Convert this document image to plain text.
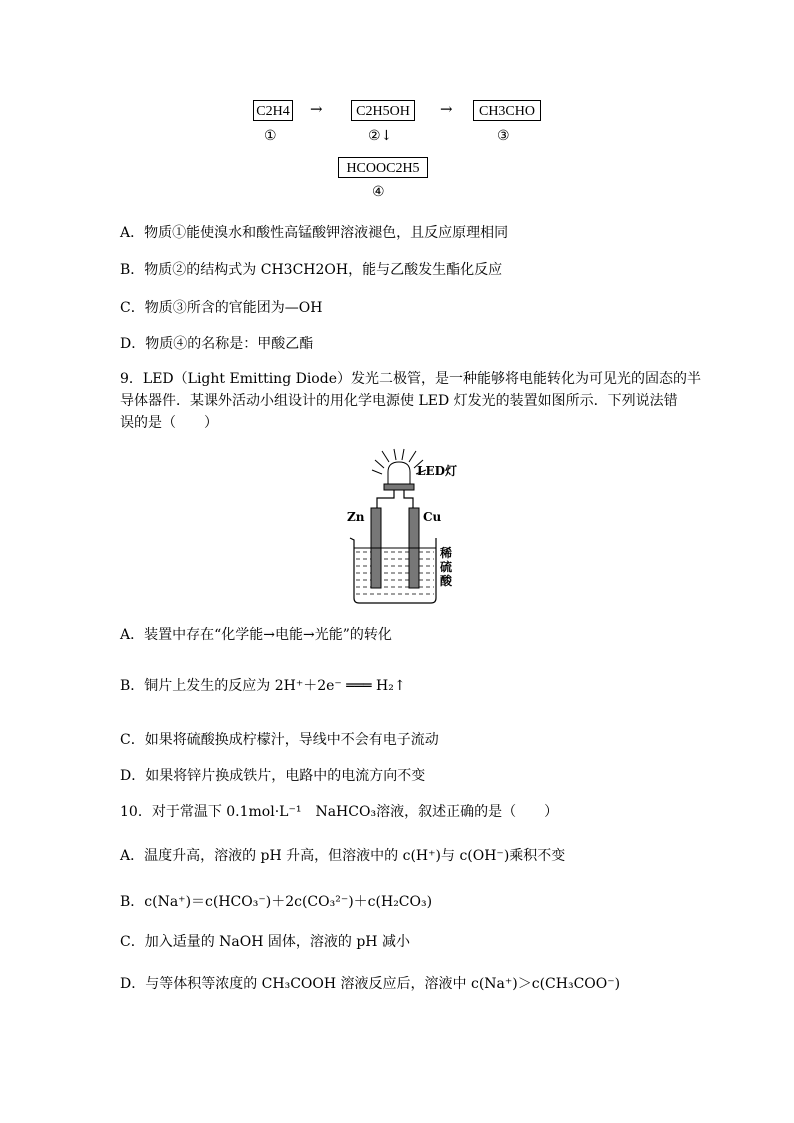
C2H4
①
→	C2H5OH
②↓
→	CH3CHO
③
HCOOC2H5
④
A．物质①能使溴水和酸性高锰酸钾溶液褪色，且反应原理相同
B．物质②的结构式为 CH3CH2OH，能与乙酸发生酯化反应
C．物质③所含的官能团为—OH
D．物质④的名称是：甲酸乙酯
9．LED（Light Emitting Diode）发光二极管，是一种能够将电能转化为可见光的固态的半
导体器件．某课外活动小组设计的用化学电源使 LED 灯发光的装置如图所示．下列说法错
误的是（　　）
LED灯
Zn	Cu
稀硫酸
A．装置中存在“化学能→电能→光能”的转化
B．铜片上发生的反应为 2H⁺＋2e⁻ ═══ H₂↑
C．如果将硫酸换成柠檬汁，导线中不会有电子流动
D．如果将锌片换成铁片，电路中的电流方向不变
10．对于常温下 0.1mol·L⁻¹　NaHCO₃溶液，叙述正确的是（　　）
A．温度升高，溶液的 pH 升高，但溶液中的 c(H⁺)与 c(OH⁻)乘积不变
B．c(Na⁺)＝c(HCO₃⁻)＋2c(CO₃²⁻)＋c(H₂CO₃)
C．加入适量的 NaOH 固体，溶液的 pH 减小
D．与等体积等浓度的 CH₃COOH 溶液反应后，溶液中 c(Na⁺)＞c(CH₃COO⁻)
